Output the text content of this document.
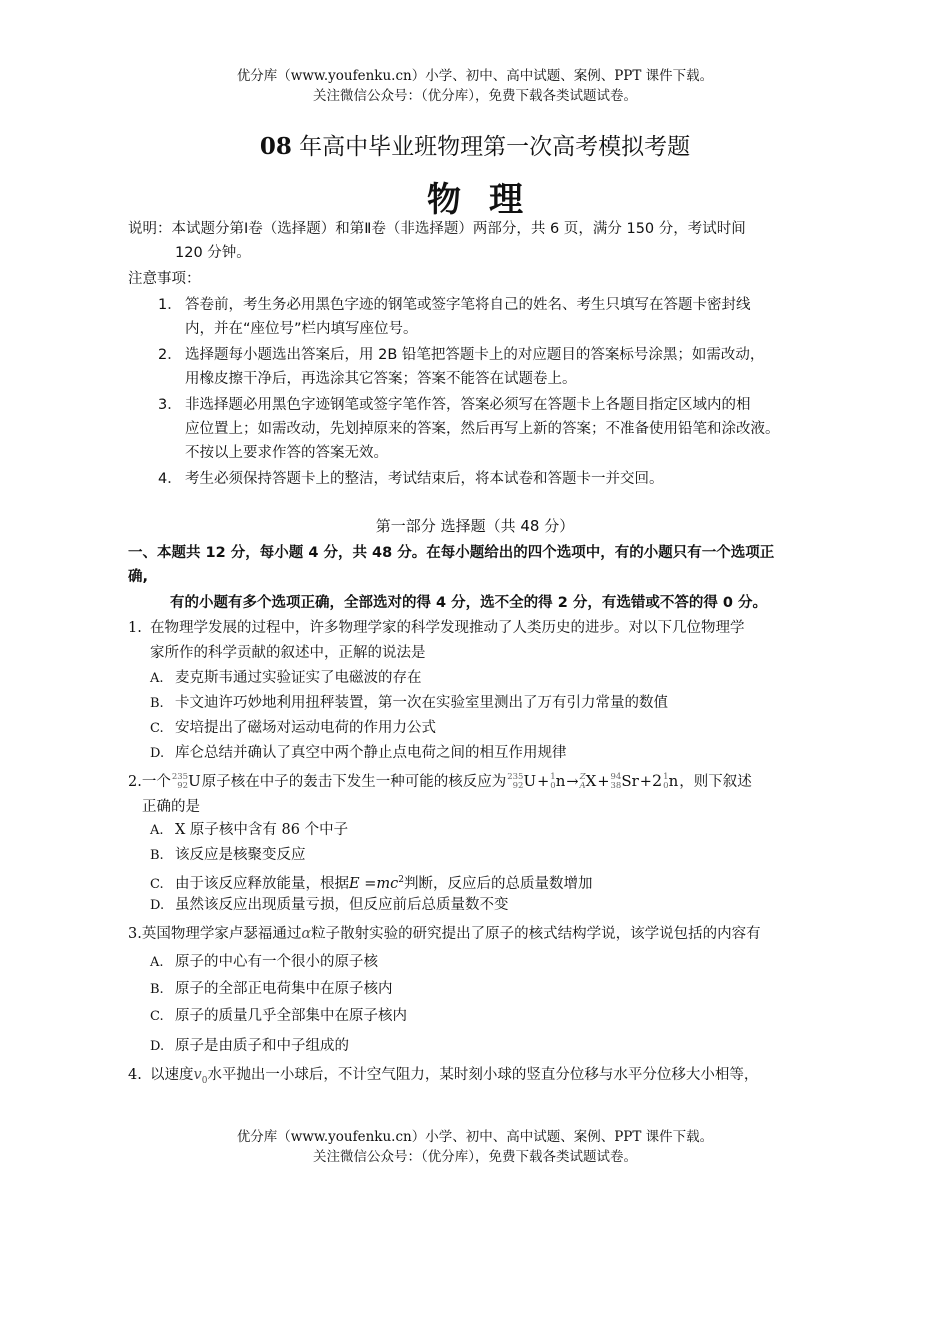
优分库（www.youfenku.cn）小学、初中、高中试题、案例、PPT 课件下载。
关注微信公众号：（优分库），免费下载各类试题试卷。
08 年高中毕业班物理第一次高考模拟考题
物理
说明：本试题分第Ⅰ卷（选择题）和第Ⅱ卷（非选择题）两部分，共 6 页，满分 150 分，考试时间
120 分钟。
注意事项：
1． 答卷前，考生务必用黑色字迹的钢笔或签字笔将自己的姓名、考生只填写在答题卡密封线
内，并在“座位号”栏内填写座位号。
2． 选择题每小题选出答案后，用 2B 铅笔把答题卡上的对应题目的答案标号涂黑；如需改动，
用橡皮擦干净后，再选涂其它答案；答案不能答在试题卷上。
3． 非选择题必用黑色字迹钢笔或签字笔作答，答案必须写在答题卡上各题目指定区域内的相
应位置上；如需改动，先划掉原来的答案，然后再写上新的答案；不准备使用铅笔和涂改液。
不按以上要求作答的答案无效。
4． 考生必须保持答题卡上的整洁，考试结束后，将本试卷和答题卡一并交回。
第一部分 选择题（共 48 分）
一、本题共 12 分，每小题 4 分，共 48 分。在每小题给出的四个选项中，有的小题只有一个选项正
确,
有的小题有多个选项正确，全部选对的得 4 分，选不全的得 2 分，有选错或不答的得 0 分。
1. 在物理学发展的过程中，许多物理学家的科学发现推动了人类历史的进步。对以下几位物理学
家所作的科学贡献的叙述中，正解的说法是
A. 麦克斯韦通过实验证实了电磁波的存在
B. 卡文迪许巧妙地利用扭秤装置，第一次在实验室里测出了万有引力常量的数值
C. 安培提出了磁场对运动电荷的作用力公式
D. 库仑总结并确认了真空中两个静止点电荷之间的相互作用规律
2.一个 235
92 U原子核在中子的轰击下发生一种可能的核反应为 235
92 U+ 1
0 n→ Z
A X+ 94
38 Sr+2 1
0 n，则下叙述
正确的是
A. X 原子核中含有 86 个中子
B. 该反应是核聚变反应
C. 由于该反应释放能量，根据$E =mc^2$判断，反应后的总质量数增加
D. 虽然该反应出现质量亏损，但反应前后总质量数不变
3.英国物理学家卢瑟福通过α粒子散射实验的研究提出了原子的核式结构学说，该学说包括的内容有
A. 原子的中心有一个很小的原子核
B. 原子的全部正电荷集中在原子核内
C. 原子的质量几乎全部集中在原子核内
D. 原子是由质子和中子组成的
4. 以速度$v_0$水平抛出一小球后，不计空气阻力，某时刻小球的竖直分位移与水平分位移大小相等，
优分库（www.youfenku.cn）小学、初中、高中试题、案例、PPT 课件下载。
关注微信公众号：（优分库），免费下载各类试题试卷。
